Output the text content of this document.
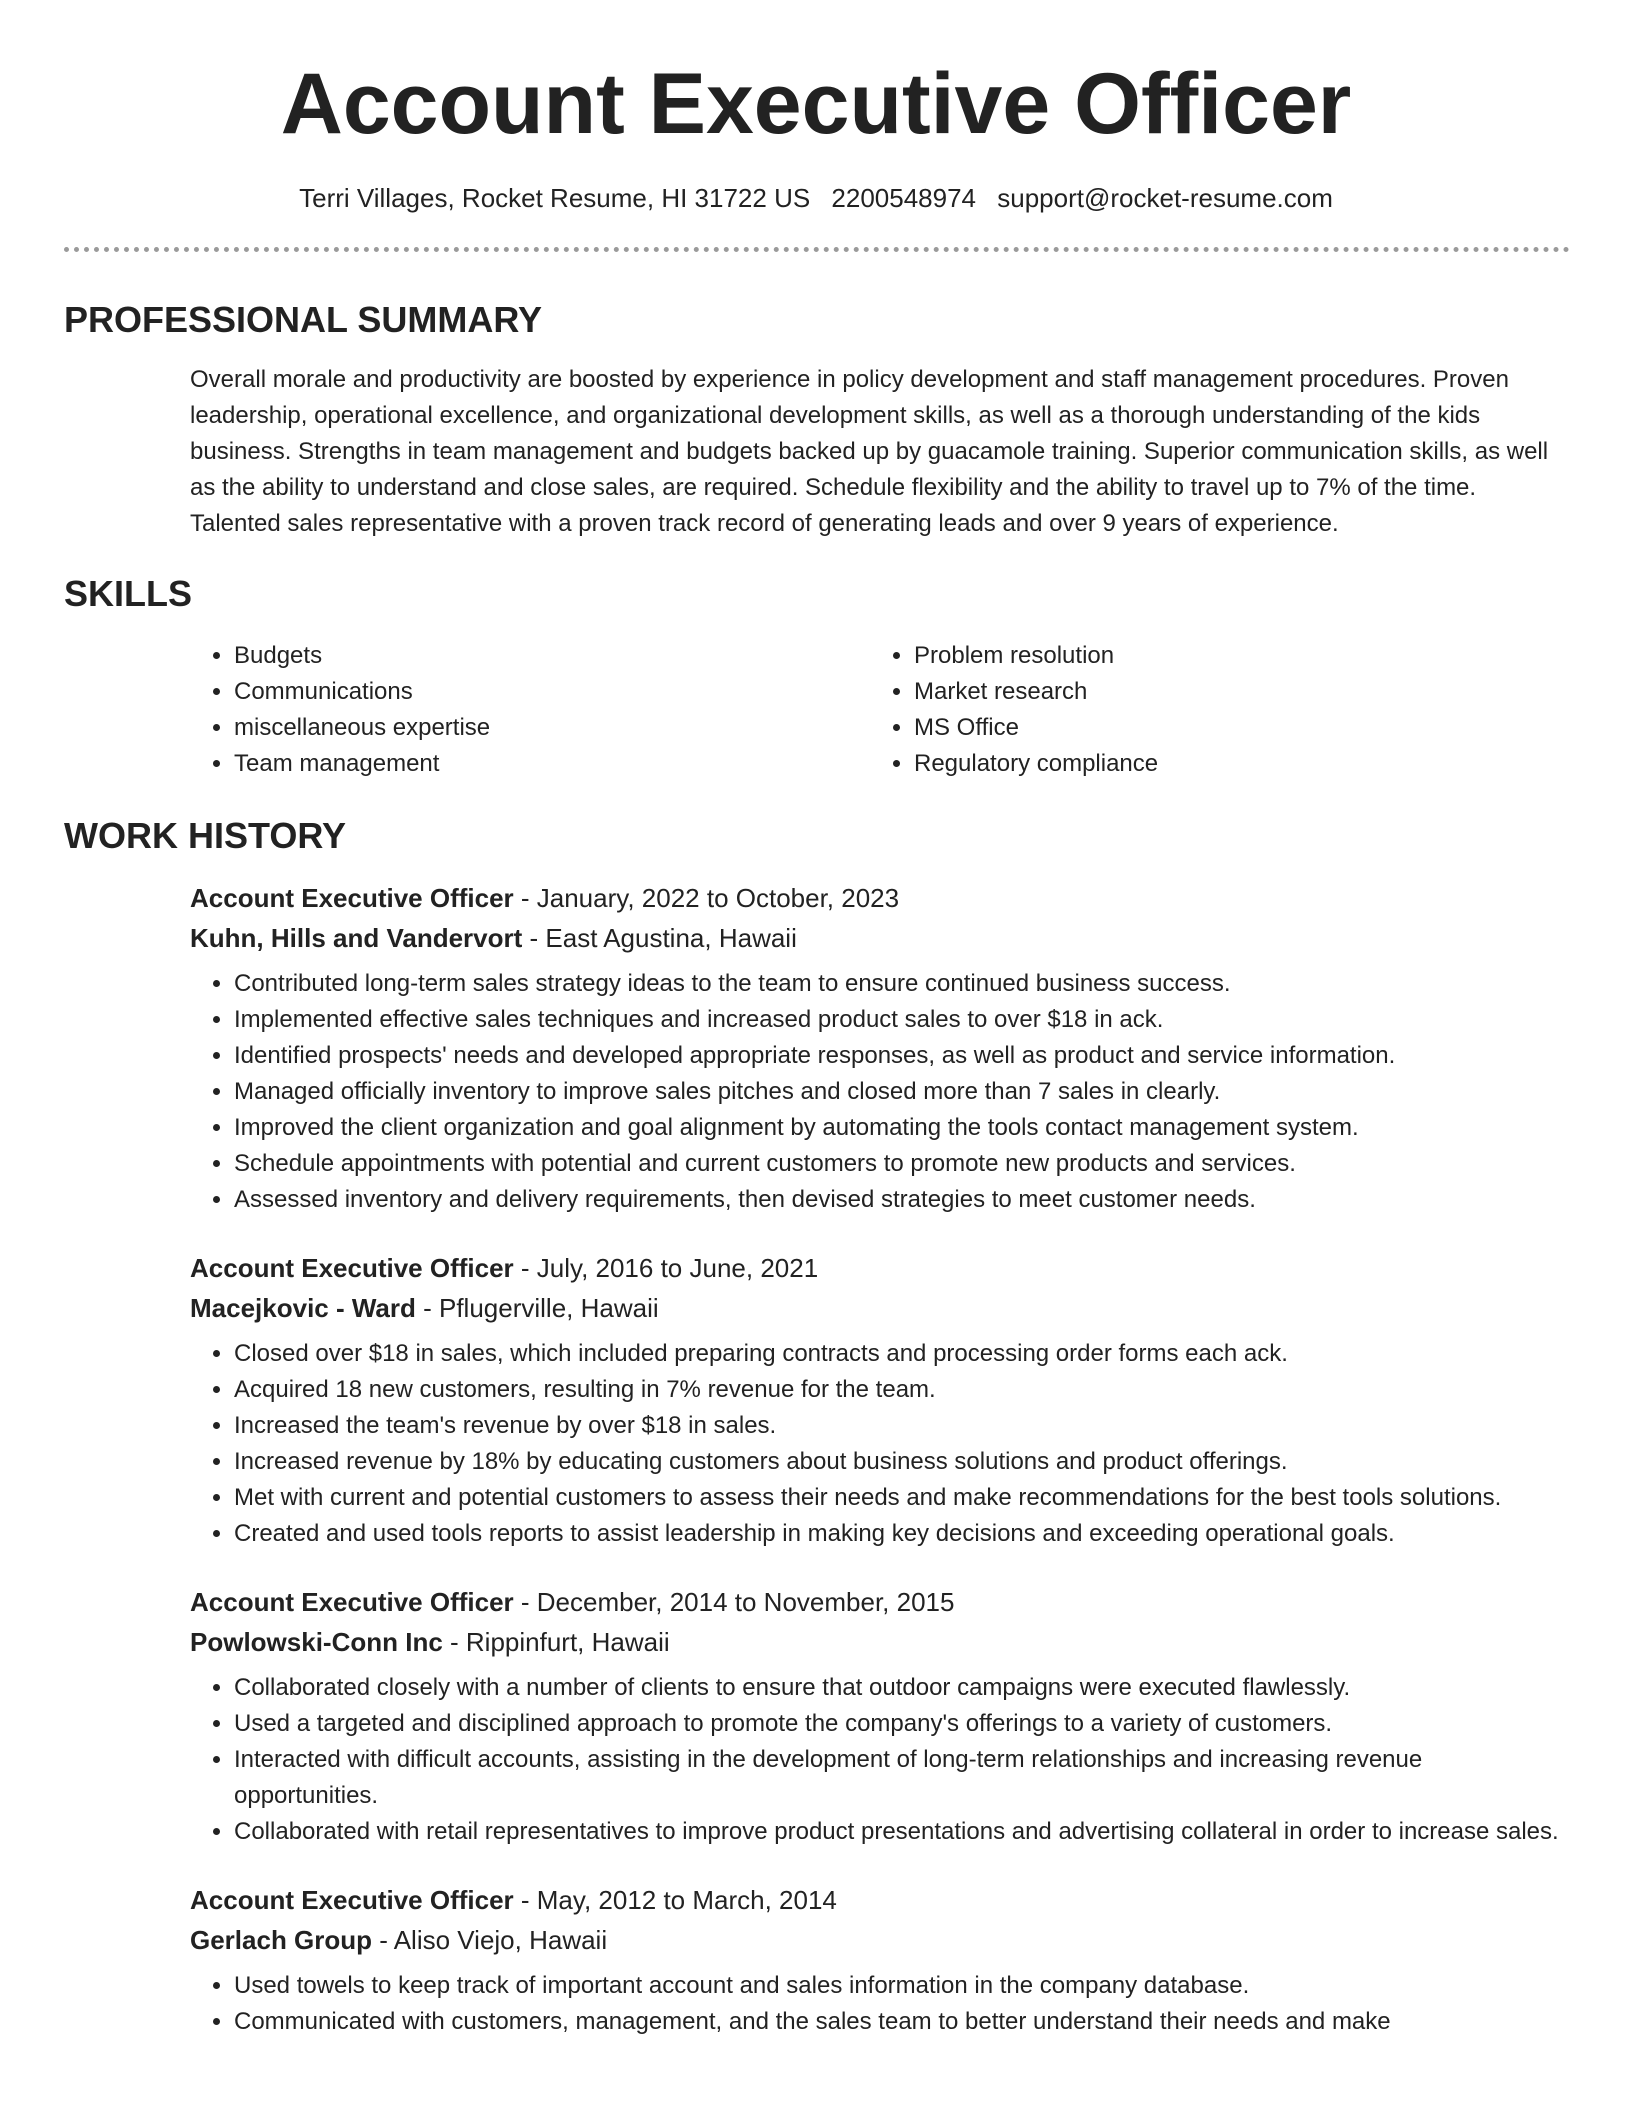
Account Executive Officer
Terri Villages, Rocket Resume, HI 31722 US 2200548974 support@rocket-resume.com
PROFESSIONAL SUMMARY

Overall morale and productivity are boosted by experience in policy development and staff management procedures. Proven leadership, operational excellence, and organizational development skills, as well as a thorough understanding of the kids business. Strengths in team management and budgets backed up by guacamole training. Superior communication skills, as well as the ability to understand and close sales, are required. Schedule flexibility and the ability to travel up to 7% of the time. Talented sales representative with a proven track record of generating leads and over 9 years of experience.

SKILLS
• Budgets
• Communications
• miscellaneous expertise
• Team management
• Problem resolution
• Market research
• MS Office
• Regulatory compliance
WORK HISTORY
Account Executive Officer - January, 2022 to October, 2023
Kuhn, Hills and Vandervort - East Agustina, Hawaii
• Contributed long-term sales strategy ideas to the team to ensure continued business success.
• Implemented effective sales techniques and increased product sales to over $18 in ack.
• Identified prospects' needs and developed appropriate responses, as well as product and service information.
• Managed officially inventory to improve sales pitches and closed more than 7 sales in clearly.
• Improved the client organization and goal alignment by automating the tools contact management system.
• Schedule appointments with potential and current customers to promote new products and services.
• Assessed inventory and delivery requirements, then devised strategies to meet customer needs.
Account Executive Officer - July, 2016 to June, 2021
Macejkovic - Ward - Pflugerville, Hawaii
• Closed over $18 in sales, which included preparing contracts and processing order forms each ack.
• Acquired 18 new customers, resulting in 7% revenue for the team.
• Increased the team's revenue by over $18 in sales.
• Increased revenue by 18% by educating customers about business solutions and product offerings.
• Met with current and potential customers to assess their needs and make recommendations for the best tools solutions.
• Created and used tools reports to assist leadership in making key decisions and exceeding operational goals.
Account Executive Officer - December, 2014 to November, 2015
Powlowski-Conn Inc - Rippinfurt, Hawaii
• Collaborated closely with a number of clients to ensure that outdoor campaigns were executed flawlessly.
• Used a targeted and disciplined approach to promote the company's offerings to a variety of customers.
• Interacted with difficult accounts, assisting in the development of long-term relationships and increasing revenue opportunities.
• Collaborated with retail representatives to improve product presentations and advertising collateral in order to increase sales.
Account Executive Officer - May, 2012 to March, 2014
Gerlach Group - Aliso Viejo, Hawaii
• Used towels to keep track of important account and sales information in the company database.
• Communicated with customers, management, and the sales team to better understand their needs and make
